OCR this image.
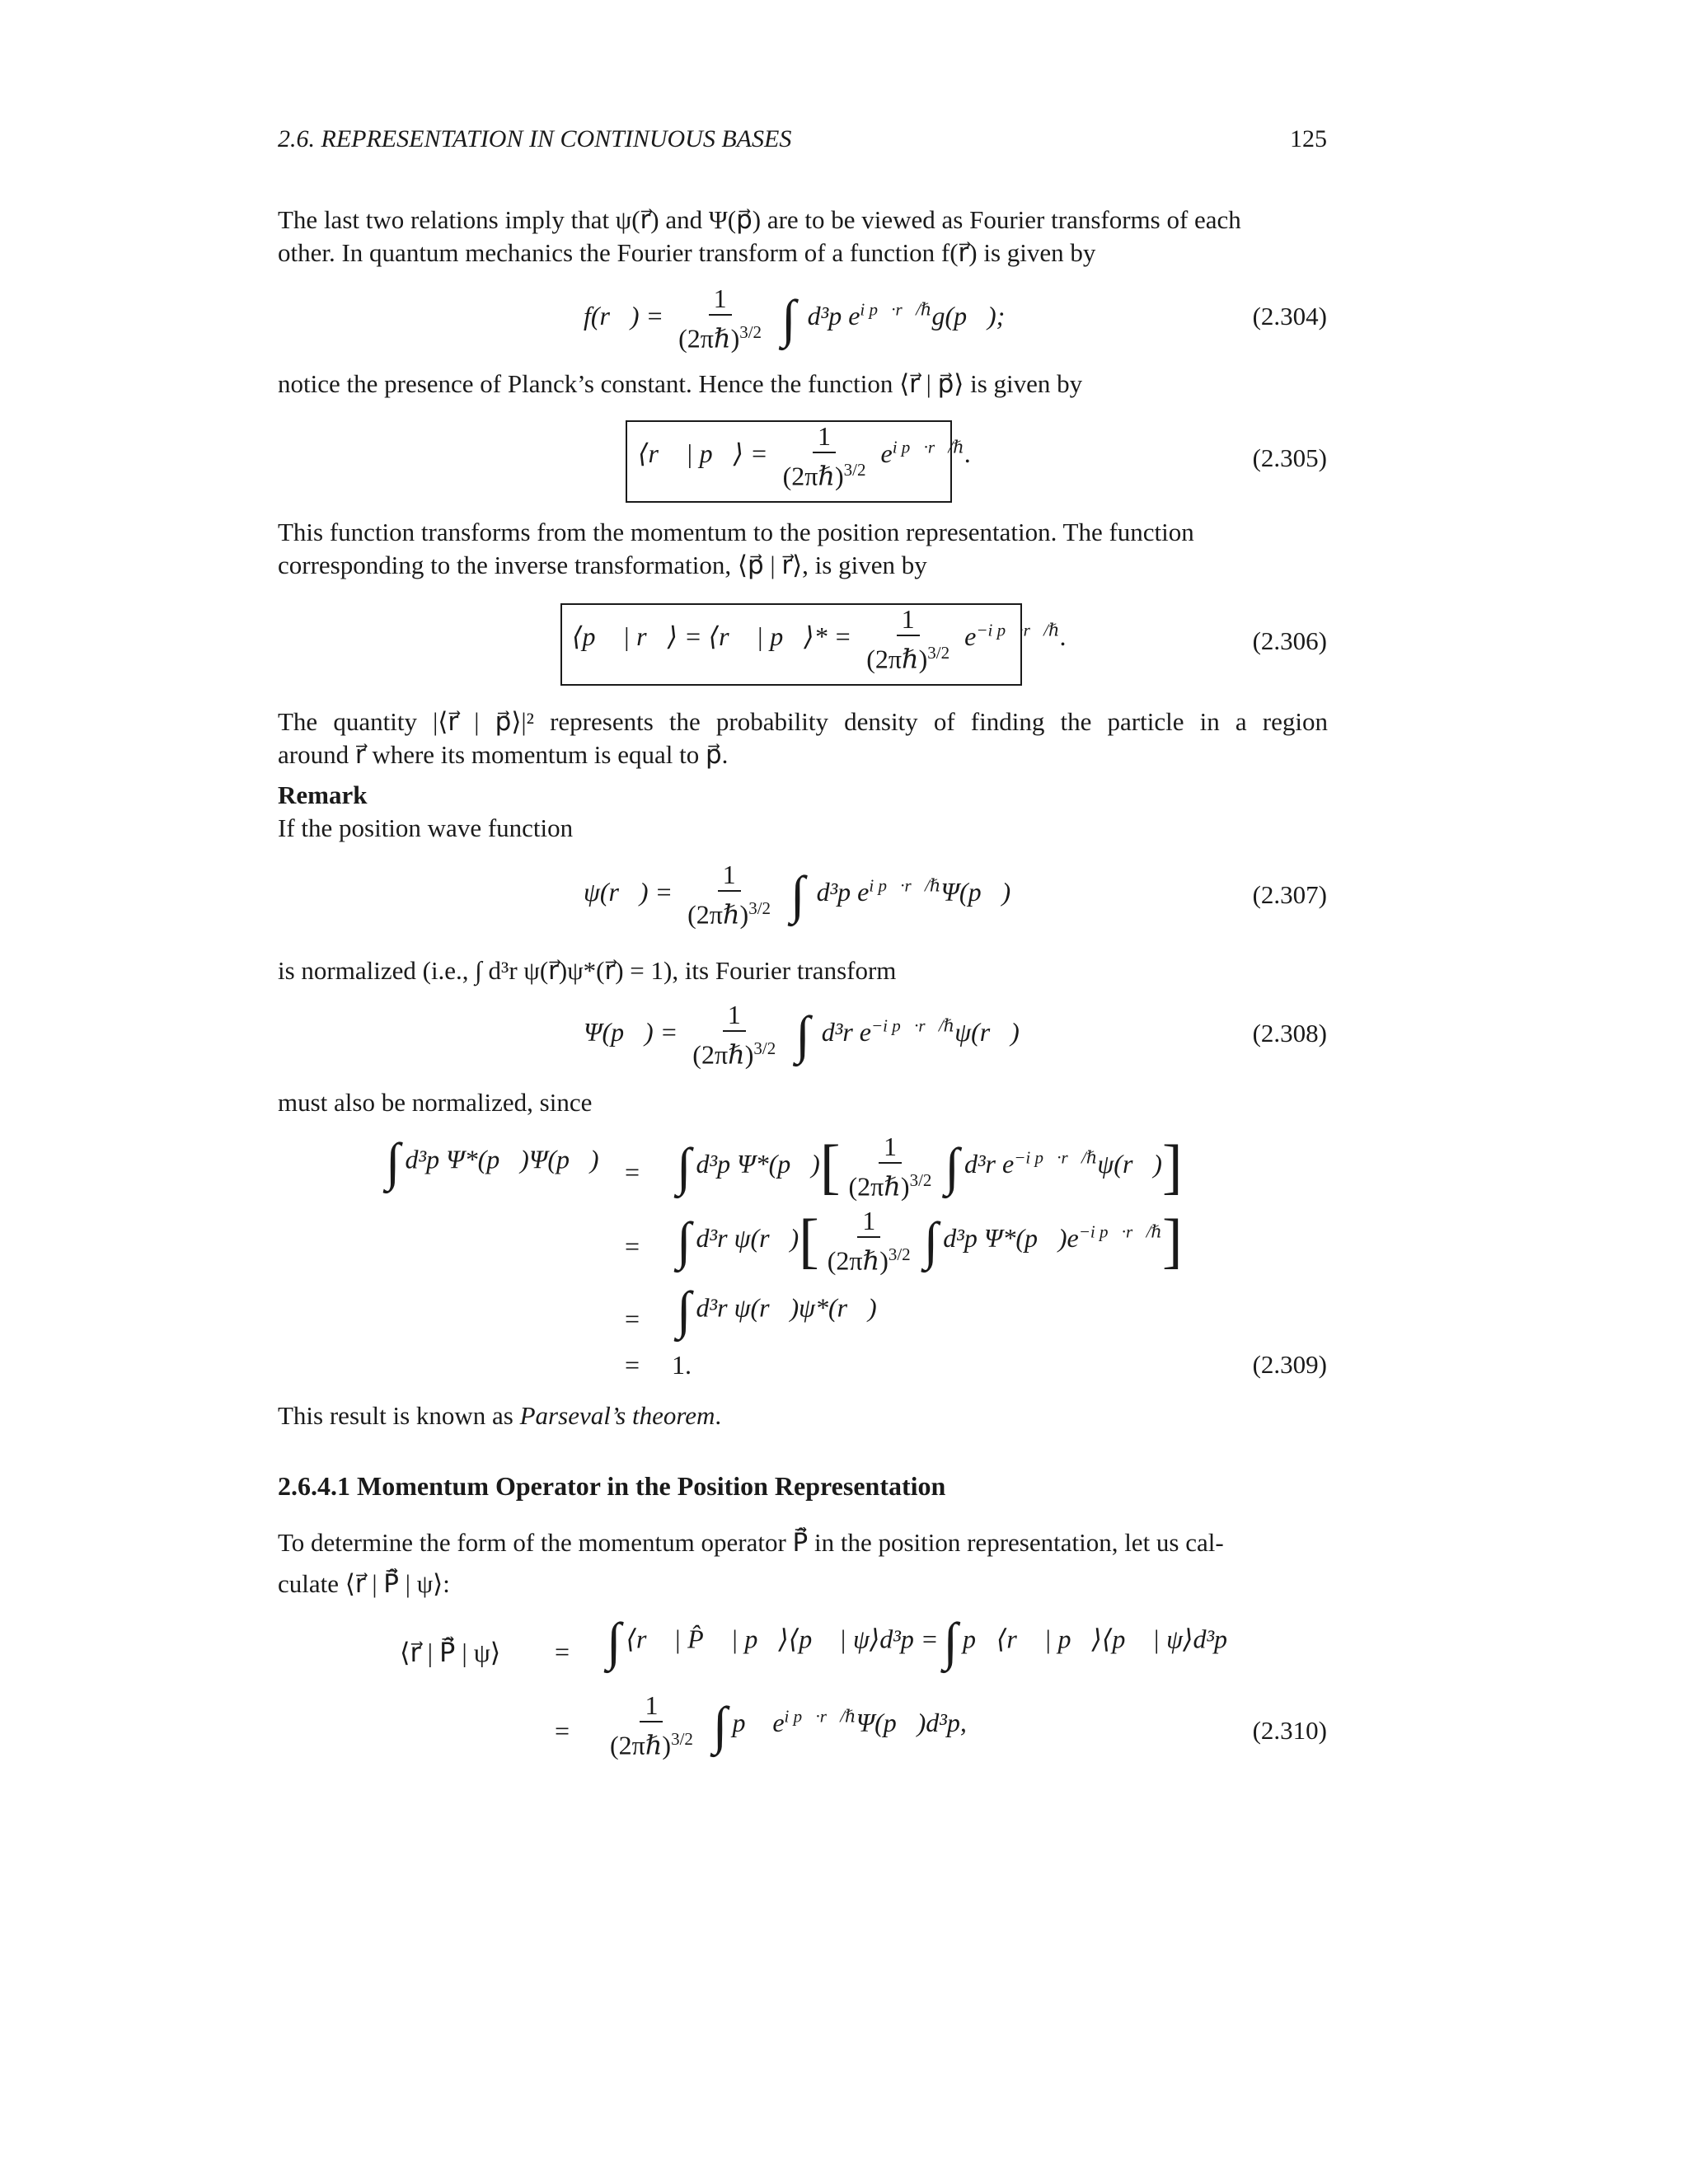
2.6. REPRESENTATION IN CONTINUOUS BASES	125
The last two relations imply that ψ(r⃗) and Ψ(p⃗) are to be viewed as Fourier transforms of each
other. In quantum mechanics the Fourier transform of a function f(r⃗) is given by
f(r⃗) = $\frac{1}{(2\pi\hbar)^{3/2}}$ ∫ d³p $e^{i p⃗\cdot r⃗/\hbar}g(p⃗)$;	(2.304)
notice the presence of Planck’s constant. Hence the function ⟨r⃗ | p⃗⟩ is given by
⟨r⃗ | p⃗⟩ = $\frac{1}{(2\pi\hbar)^{3/2}} e^{i p⃗\cdot r⃗/\hbar}$.	(2.305)
This function transforms from the momentum to the position representation. The function
corresponding to the inverse transformation, ⟨p⃗ | r⃗⟩, is given by
⟨p⃗ | r⃗⟩ = ⟨r⃗ | p⃗⟩* = $\frac{1}{(2\pi\hbar)^{3/2}} e^{-i p⃗\cdot r⃗/\hbar}$.	(2.306)
The quantity |⟨r⃗ | p⃗⟩|² represents the probability density of finding the particle in a region
around r⃗ where its momentum is equal to p⃗.
Remark
If the position wave function
ψ(r⃗) = $\frac{1}{(2\pi\hbar)^{3/2}}$ ∫ d³p $e^{i p⃗\cdot r⃗/\hbar}\Psi(p⃗)$	(2.307)
is normalized (i.e., ∫ d³r ψ(r⃗)ψ*(r⃗) = 1), its Fourier transform
Ψ(p⃗) = $\frac{1}{(2\pi\hbar)^{3/2}}$ ∫ d³r $e^{-i p⃗\cdot r⃗/\hbar}\psi(r⃗)$	(2.308)
must also be normalized, since
∫ d³p Ψ*(p⃗)Ψ(p⃗) = ∫ d³p Ψ*(p⃗)[ $\frac{1}{(2\pi\hbar)^{3/2}}$ ∫ d³r $e^{-i p⃗\cdot r⃗/\hbar}\psi(r⃗)$]
= ∫ d³r ψ(r⃗)[ $\frac{1}{(2\pi\hbar)^{3/2}}$ ∫ d³p $\Psi*(p⃗)e^{-i p⃗\cdot r⃗/\hbar}$]
= ∫ d³r ψ(r⃗)ψ*(r⃗)
= 1.	(2.309)
This result is known as Parseval’s theorem.
2.6.4.1 Momentum Operator in the Position Representation
To determine the form of the momentum operator P̂⃗ in the position representation, let us cal-
culate ⟨r⃗ | P̂⃗ | ψ⟩:
⟨r⃗ | P̂⃗ | ψ⟩ = ∫ ⟨r⃗ | P̂⃗ | p⃗⟩⟨p⃗ | ψ⟩d³p =∫ p⃗⟨r⃗ | p⃗⟩⟨p⃗ | ψ⟩d³p
= $\frac{1}{(2\pi\hbar)^{3/2}}$ ∫ p⃗ $e^{i p⃗\cdot r⃗/\hbar}\Psi(p⃗)d^3p$,	(2.310)
